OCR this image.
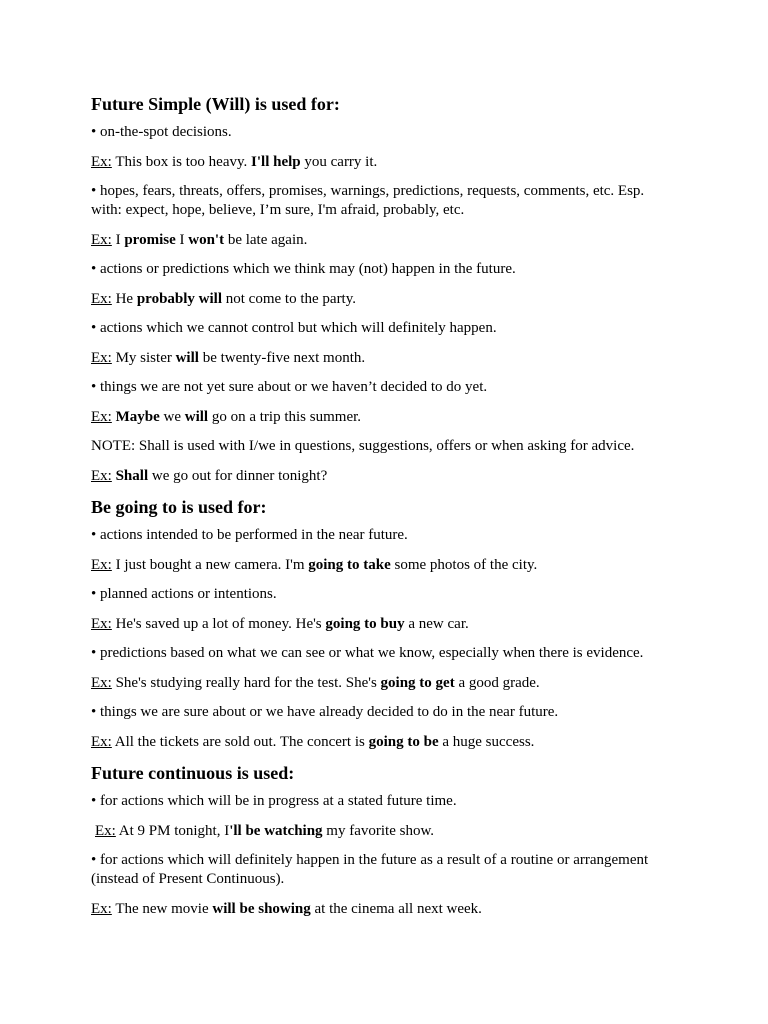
Future Simple (Will) is used for:

• on-the-spot decisions.

Ex: This box is too heavy. I'll help you carry it.

• hopes, fears, threats, offers, promises, warnings, predictions, requests, comments, etc. Esp. with: expect, hope, believe, I’m sure, I'm afraid, probably, etc.

Ex: I promise I won't be late again.

• actions or predictions which we think may (not) happen in the future.

Ex: He probably will not come to the party.

• actions which we cannot control but which will definitely happen.

Ex: My sister will be twenty-five next month.

• things we are not yet sure about or we haven’t decided to do yet.

Ex: Maybe we will go on a trip this summer.

NOTE: Shall is used with I/we in questions, suggestions, offers or when asking for advice.

Ex: Shall we go out for dinner tonight?

Be going to is used for:

• actions intended to be performed in the near future.

Ex: I just bought a new camera. I'm going to take some photos of the city.

• planned actions or intentions.

Ex: He's saved up a lot of money. He's going to buy a new car.

• predictions based on what we can see or what we know, especially when there is evidence.

Ex: She's studying really hard for the test. She's going to get a good grade.

• things we are sure about or we have already decided to do in the near future.

Ex: All the tickets are sold out. The concert is going to be a huge success.

Future continuous is used:

• for actions which will be in progress at a stated future time.

Ex: At 9 PM tonight, I'll be watching my favorite show.

• for actions which will definitely happen in the future as a result of a routine or arrangement (instead of Present Continuous).

Ex: The new movie will be showing at the cinema all next week.
